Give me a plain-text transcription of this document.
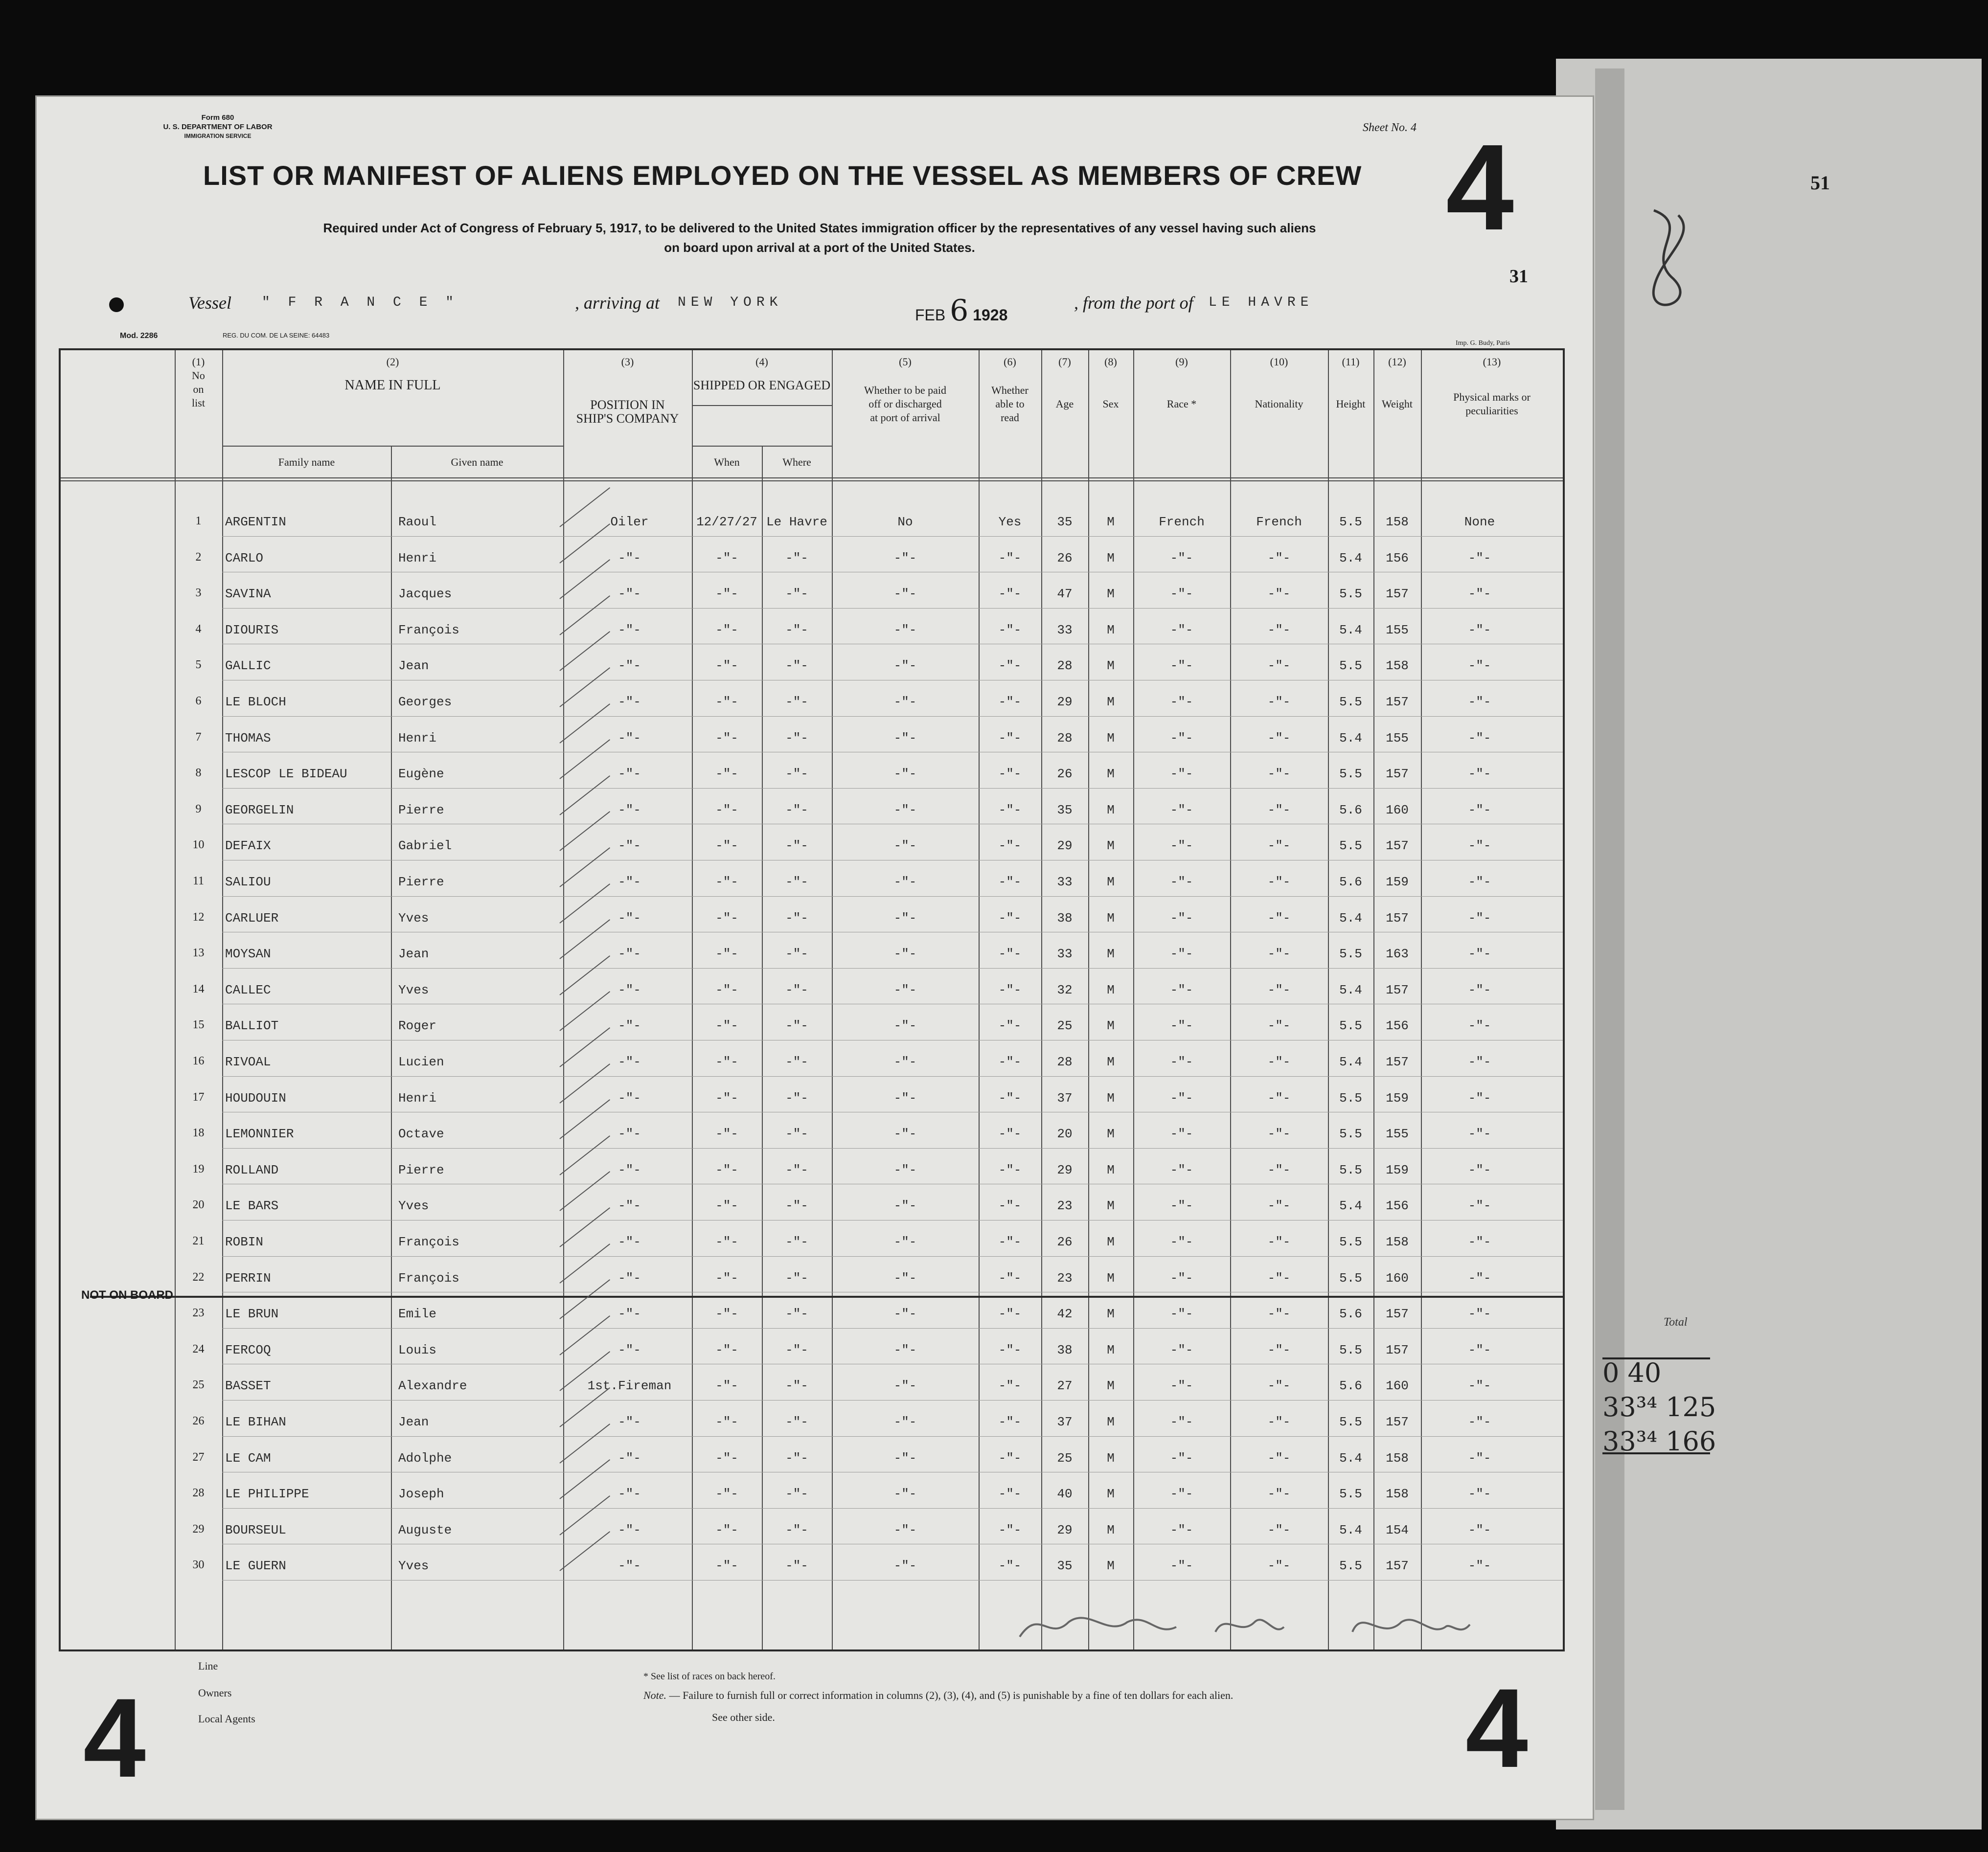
51
Form 680
U. S. DEPARTMENT OF LABOR
IMMIGRATION SERVICE
Sheet No. 4
LIST OR MANIFEST OF ALIENS EMPLOYED ON THE VESSEL AS MEMBERS OF CREW 4
Required under Act of Congress of February 5, 1917, to be delivered to the United States immigration officer by the representatives of any vessel having such aliens
on board upon arrival at a port of the United States.
31
Vessel " F R A N C E "	, arriving at NEW YORK
FEB 6 1928
, from the port of LE HAVRE
Mod. 2286	REG. DU COM. DE LA SEINE: 64483
Imp. G. Budy, Paris
Line
Owners
Local Agents
* See list of races on back hereof.
Note. — Failure to furnish full or correct information in columns (2), (3), (4), and (5) is punishable by a fine of ten dollars for each alien.
See other side.
4	4
(1)
No
on
list
(2)
NAME IN FULL
Family name	Given name
(3)
POSITION IN
SHIP'S COMPANY
(4)
SHIPPED OR ENGAGED
When	Where
(5)
Whether to be paid
off or discharged
at port of arrival
(6)
Whether
able to
read
(7)
Age
(8)
Sex
(9)
Race *
(10)
Nationality
(11)
Height
(12)
Weight
(13)
Physical marks or
peculiarities
NOT ON BOARD
1	ARGENTIN	Raoul	Oiler	12/27/27 Le Havre	No	Yes	35	M	French	French	5.5	158	None
2	CARLO	Henri	-"-	-"-	-"-	-"-	-"-	26	M	-"-	-"-	5.4	156	-"-
3	SAVINA	Jacques	-"-	-"-	-"-	-"-	-"-	47	M	-"-	-"-	5.5	157	-"-
4	DIOURIS	François	-"-	-"-	-"-	-"-	-"-	33	M	-"-	-"-	5.4	155	-"-
5	GALLIC	Jean	-"-	-"-	-"-	-"-	-"-	28	M	-"-	-"-	5.5	158	-"-
6	LE BLOCH	Georges	-"-	-"-	-"-	-"-	-"-	29	M	-"-	-"-	5.5	157	-"-
7	THOMAS	Henri	-"-	-"-	-"-	-"-	-"-	28	M	-"-	-"-	5.4	155	-"-
8	LESCOP LE BIDEAU	Eugène	-"-	-"-	-"-	-"-	-"-	26	M	-"-	-"-	5.5	157	-"-
9	GEORGELIN	Pierre	-"-	-"-	-"-	-"-	-"-	35	M	-"-	-"-	5.6	160	-"-
10	DEFAIX	Gabriel	-"-	-"-	-"-	-"-	-"-	29	M	-"-	-"-	5.5	157	-"-
11	SALIOU	Pierre	-"-	-"-	-"-	-"-	-"-	33	M	-"-	-"-	5.6	159	-"-
12	CARLUER	Yves	-"-	-"-	-"-	-"-	-"-	38	M	-"-	-"-	5.4	157	-"-
13	MOYSAN	Jean	-"-	-"-	-"-	-"-	-"-	33	M	-"-	-"-	5.5	163	-"-
14	CALLEC	Yves	-"-	-"-	-"-	-"-	-"-	32	M	-"-	-"-	5.4	157	-"-
15	BALLIOT	Roger	-"-	-"-	-"-	-"-	-"-	25	M	-"-	-"-	5.5	156	-"-
16	RIVOAL	Lucien	-"-	-"-	-"-	-"-	-"-	28	M	-"-	-"-	5.4	157	-"-
17	HOUDOUIN	Henri	-"-	-"-	-"-	-"-	-"-	37	M	-"-	-"-	5.5	159	-"-
18	LEMONNIER	Octave	-"-	-"-	-"-	-"-	-"-	20	M	-"-	-"-	5.5	155	-"-
19	ROLLAND	Pierre	-"-	-"-	-"-	-"-	-"-	29	M	-"-	-"-	5.5	159	-"-
20	LE BARS	Yves	-"-	-"-	-"-	-"-	-"-	23	M	-"-	-"-	5.4	156	-"-
21	ROBIN	François	-"-	-"-	-"-	-"-	-"-	26	M	-"-	-"-	5.5	158	-"-
22	PERRIN	François	-"-	-"-	-"-	-"-	-"-	23	M	-"-	-"-	5.5	160	-"-
23	LE BRUN	Emile	-"-	-"-	-"-	-"-	-"-	42	M	-"-	-"-	5.6	157	-"-
24	FERCOQ	Louis	-"-	-"-	-"-	-"-	-"-	38	M	-"-	-"-	5.5	157	-"-
25	BASSET	Alexandre	1st.Fireman	-"-	-"-	-"-	-"-	27	M	-"-	-"-	5.6	160	-"-
26	LE BIHAN	Jean	-"-	-"-	-"-	-"-	-"-	37	M	-"-	-"-	5.5	157	-"-
27	LE CAM	Adolphe	-"-	-"-	-"-	-"-	-"-	25	M	-"-	-"-	5.4	158	-"-
28	LE PHILIPPE	Joseph	-"-	-"-	-"-	-"-	-"-	40	M	-"-	-"-	5.5	158	-"-
29	BOURSEUL	Auguste	-"-	-"-	-"-	-"-	-"-	29	M	-"-	-"-	5.4	154	-"-
30	LE GUERN	Yves	-"-	-"-	-"-	-"-	-"-	35	M	-"-	-"-	5.5	157	-"-
Total
0 40
33³⁴ 125
33³⁴ 166
